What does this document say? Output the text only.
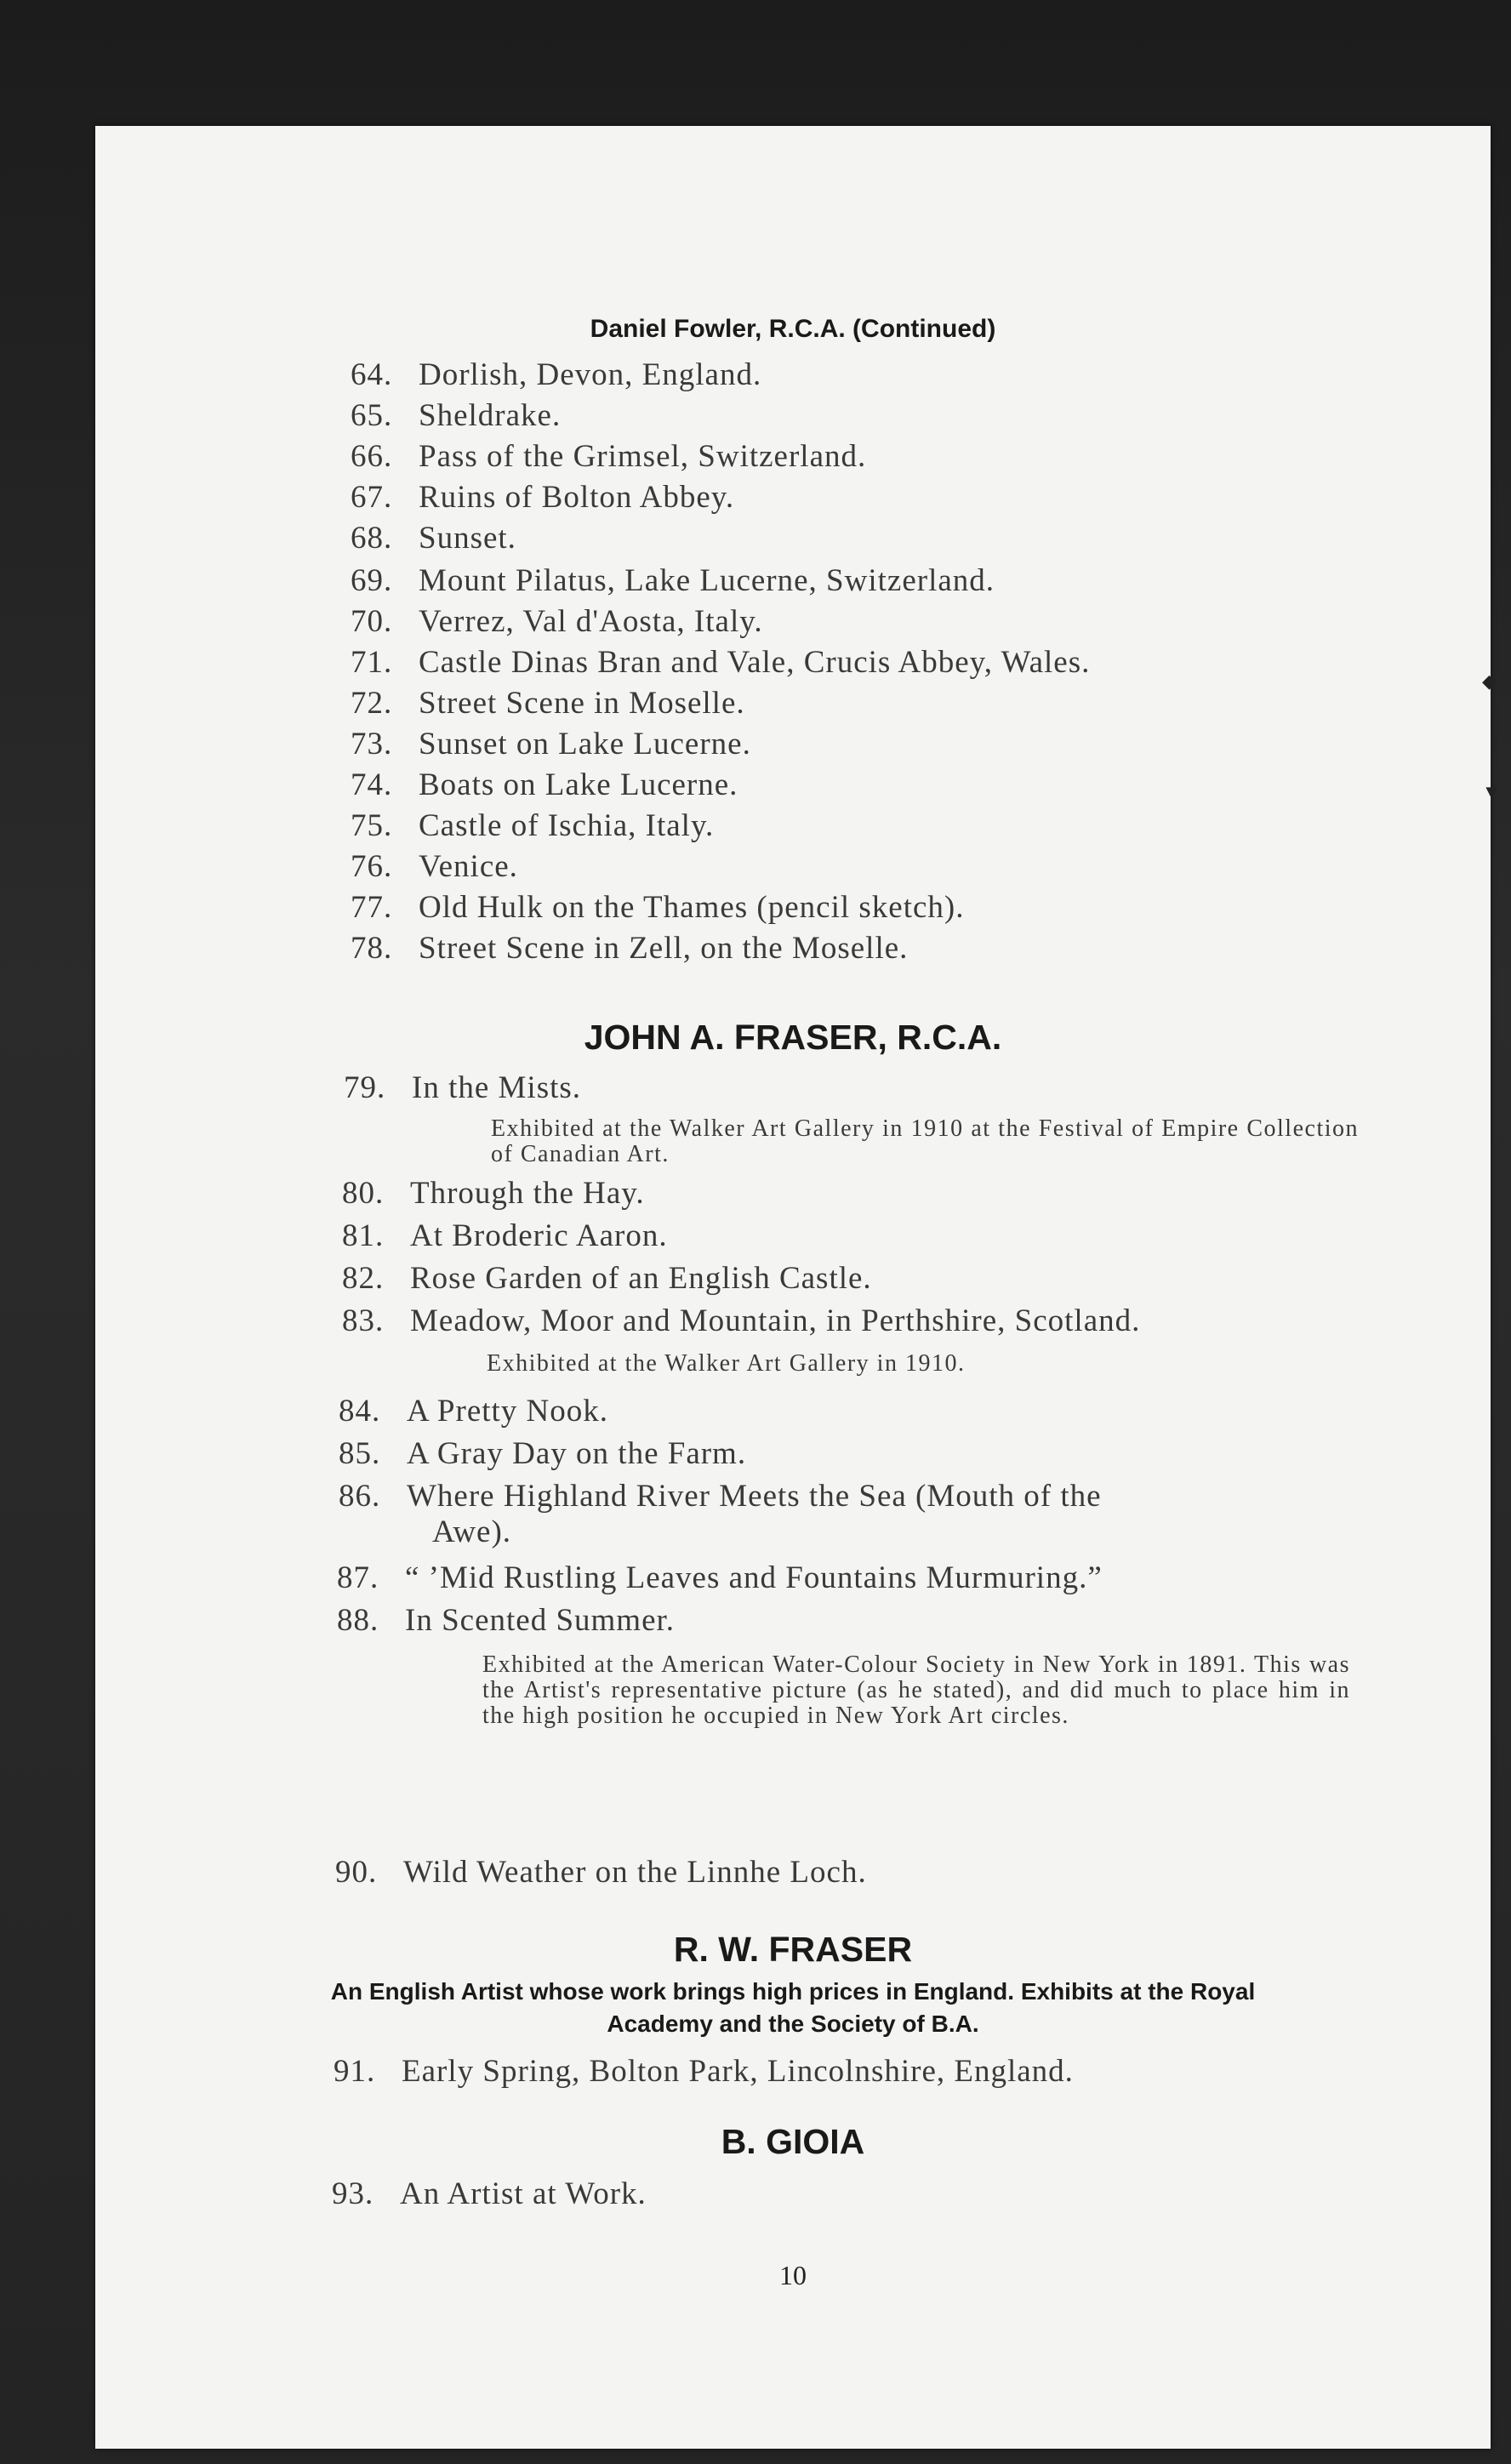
Daniel Fowler, R.C.A. (Continued)
64. Dorlish, Devon, England.
65. Sheldrake.
66. Pass of the Grimsel, Switzerland.
67. Ruins of Bolton Abbey.
68. Sunset.
69. Mount Pilatus, Lake Lucerne, Switzerland.
70. Verrez, Val d'Aosta, Italy.
71. Castle Dinas Bran and Vale, Crucis Abbey, Wales.
72. Street Scene in Moselle.
73. Sunset on Lake Lucerne.
74. Boats on Lake Lucerne.
75. Castle of Ischia, Italy.
76. Venice.
77. Old Hulk on the Thames (pencil sketch).
78. Street Scene in Zell, on the Moselle.
JOHN A. FRASER, R.C.A.
79. In the Mists.
Exhibited at the Walker Art Gallery in 1910 at the Festival of Empire Collection of Canadian Art.
80. Through the Hay.
81. At Broderic Aaron.
82. Rose Garden of an English Castle.
83. Meadow, Moor and Mountain, in Perthshire, Scotland.
Exhibited at the Walker Art Gallery in 1910.
84. A Pretty Nook.
85. A Gray Day on the Farm.
86. Where Highland River Meets the Sea (Mouth of the
Awe).
87. “ ’Mid Rustling Leaves and Fountains Murmuring.”
88. In Scented Summer.
Exhibited at the American Water-Colour Society in New York in 1891. This was the Artist's representative picture (as he stated), and did much to place him in the high position he occupied in New York Art circles.
90. Wild Weather on the Linnhe Loch.
R. W. FRASER
An English Artist whose work brings high prices in England. Exhibits at the Royal Academy and the Society of B.A.
91. Early Spring, Bolton Park, Lincolnshire, England.
B. GIOIA
93. An Artist at Work.
10
◆
▼
